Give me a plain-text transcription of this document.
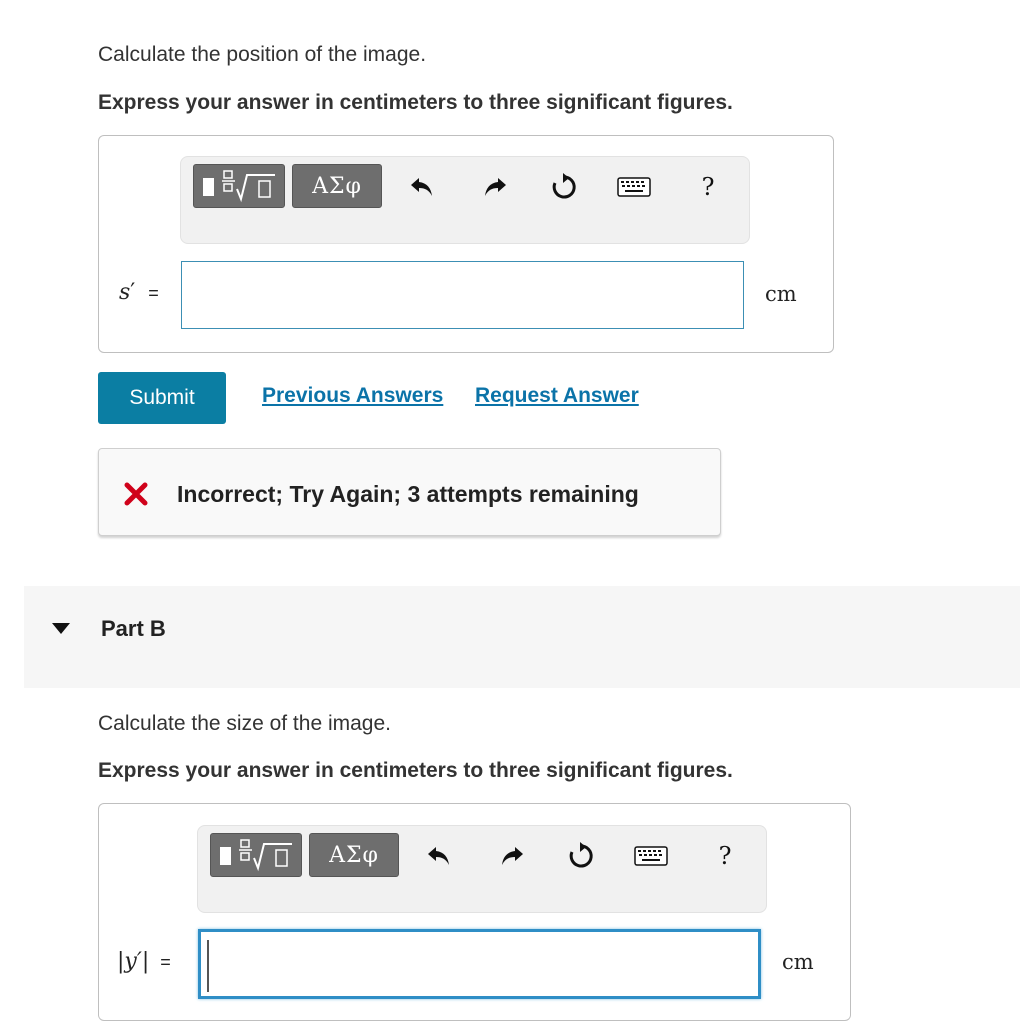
Calculate the position of the image.
Express your answer in centimeters to three significant figures.
ΑΣφ	?
s′ =	cm
Submit	Previous Answers Request Answer
Incorrect; Try Again; 3 attempts remaining
Part B
Calculate the size of the image.
Express your answer in centimeters to three significant figures.
ΑΣφ	?
|y′| =	cm
